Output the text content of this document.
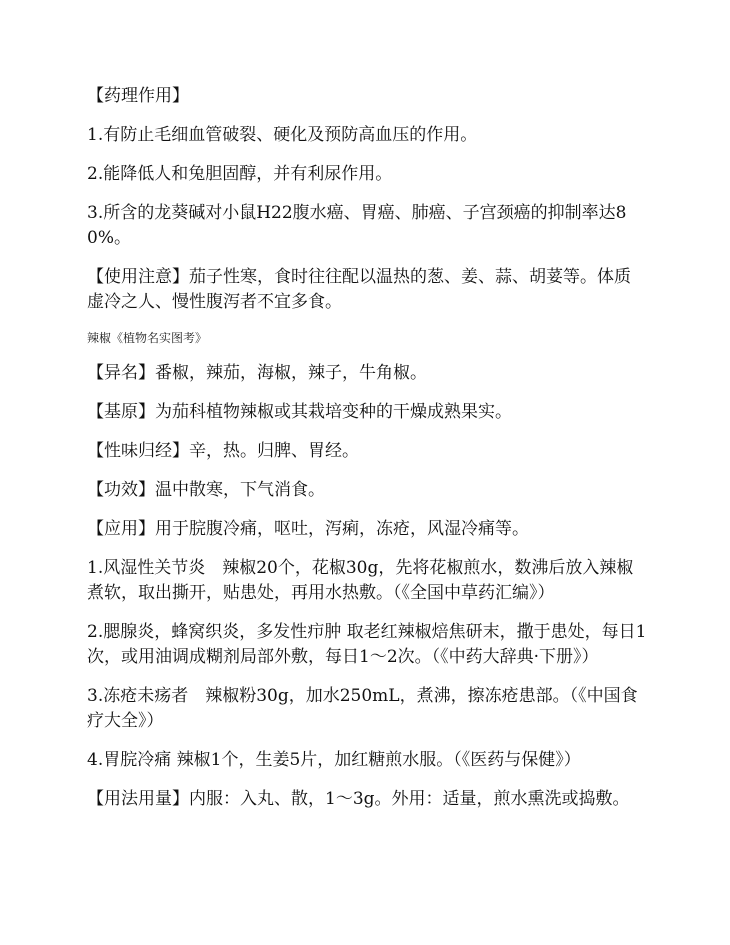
【药理作用】

1.有防止毛细血管破裂、硬化及预防高血压的作用。

2.能降低人和兔胆固醇，并有利尿作用。

3.所含的龙葵碱对小鼠H22腹水癌、胃癌、肺癌、子宫颈癌的抑制率达80%。

【使用注意】茄子性寒，食时往往配以温热的葱、姜、蒜、胡荽等。体质虚冷之人、慢性腹泻者不宜多食。

辣椒《植物名实图考》

【异名】番椒，辣茄，海椒，辣子，牛角椒。

【基原】为茄科植物辣椒或其栽培变种的干燥成熟果实。

【性味归经】辛，热。归脾、胃经。

【功效】温中散寒，下气消食。

【应用】用于脘腹冷痛，呕吐，泻痢，冻疮，风湿冷痛等。

1.风湿性关节炎　辣椒20个，花椒30g，先将花椒煎水，数沸后放入辣椒煮软，取出撕开，贴患处，再用水热敷。（《全国中草药汇编》）

2.腮腺炎，蜂窝织炎，多发性疖肿 取老红辣椒焙焦研末，撒于患处，每日1次，或用油调成糊剂局部外敷，每日1～2次。（《中药大辞典·下册》）

3.冻疮未疡者　辣椒粉30g，加水250mL，煮沸，擦冻疮患部。（《中国食疗大全》）

4.胃脘冷痛 辣椒1个，生姜5片，加红糖煎水服。（《医药与保健》）

【用法用量】内服：入丸、散，1～3g。外用：适量，煎水熏洗或捣敷。
